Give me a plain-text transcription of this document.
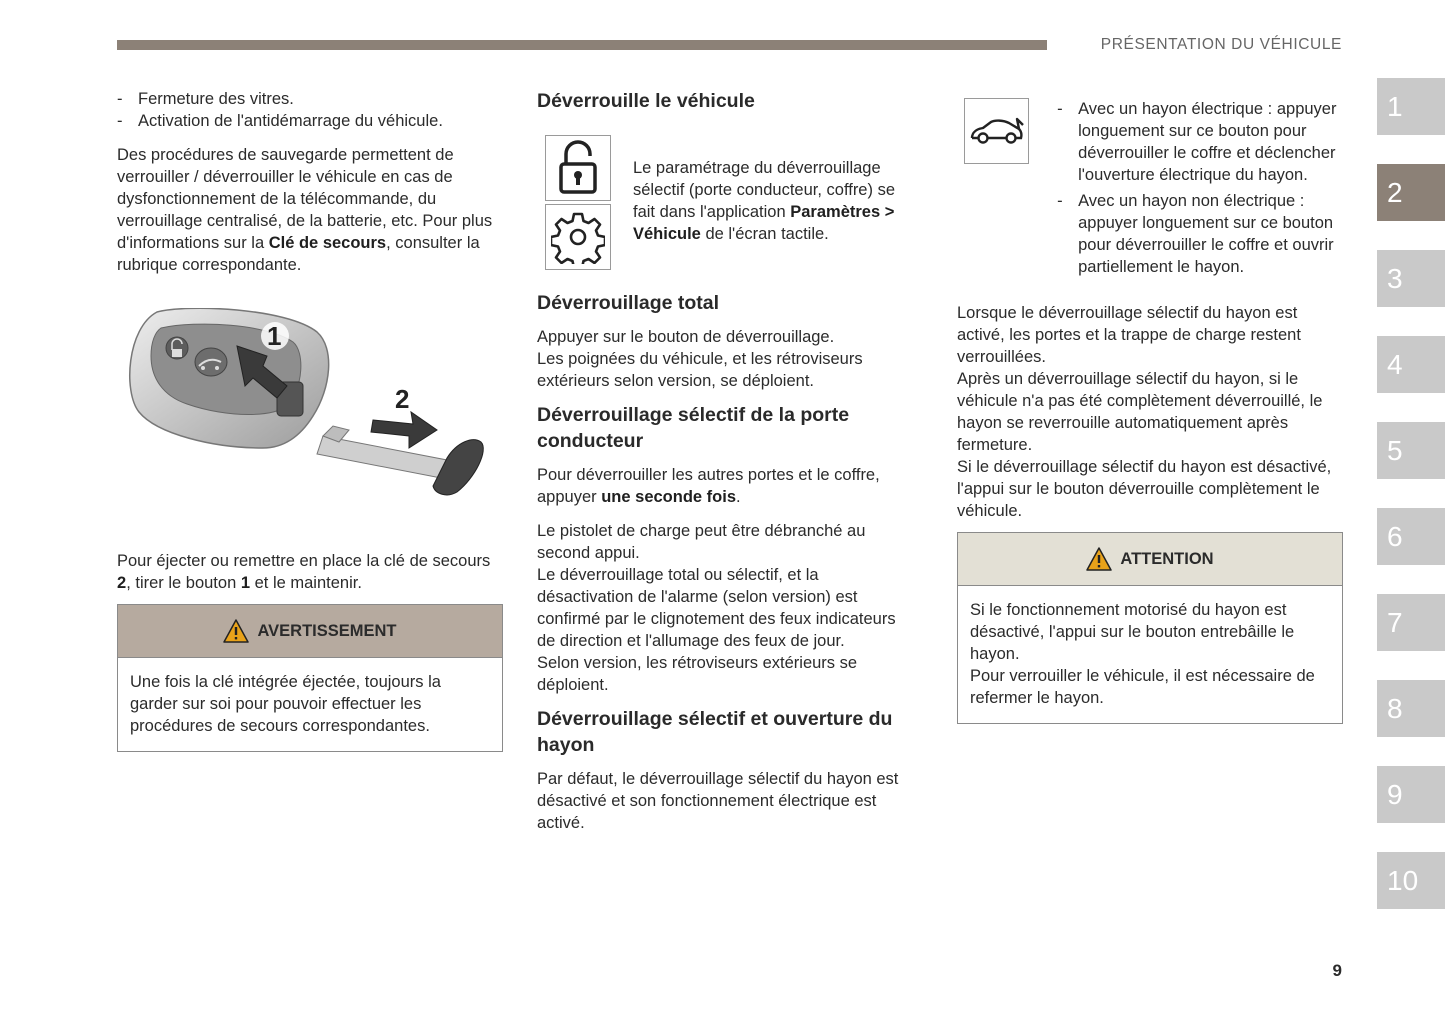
PRÉSENTATION DU VÉHICULE
- Fermeture des vitres.
- Activation de l'antidémarrage du véhicule.

Des procédures de sauvegarde permettent de verrouiller / déverrouiller le véhicule en cas de dysfonctionnement de la télécommande, du verrouillage centralisé, de la batterie, etc. Pour plus d'informations sur la Clé de secours, consulter la rubrique correspondante.

1
2

Pour éjecter ou remettre en place la clé de secours 2, tirer le bouton 1 et le maintenir.

AVERTISSEMENT
Une fois la clé intégrée éjectée, toujours la garder sur soi pour pouvoir effectuer les procédures de secours correspondantes.
Déverrouille le véhicule

Le paramétrage du déverrouillage sélectif (porte conducteur, coffre) se fait dans l'application Paramètres > Véhicule de l'écran tactile.

Déverrouillage total

Appuyer sur le bouton de déverrouillage.

Les poignées du véhicule, et les rétroviseurs extérieurs selon version, se déploient.

Déverrouillage sélectif de la porte conducteur

Pour déverrouiller les autres portes et le coffre, appuyer une seconde fois.

Le pistolet de charge peut être débranché au second appui.

Le déverrouillage total ou sélectif, et la désactivation de l'alarme (selon version) est confirmé par le clignotement des feux indicateurs de direction et l'allumage des feux de jour.

Selon version, les rétroviseurs extérieurs se déploient.

Déverrouillage sélectif et ouverture du hayon

Par défaut, le déverrouillage sélectif du hayon est désactivé et son fonctionnement électrique est activé.

- Avec un hayon électrique : appuyer longuement sur ce bouton pour déverrouiller le coffre et déclencher l'ouverture électrique du hayon.
- Avec un hayon non électrique : appuyer longuement sur ce bouton pour déverrouiller le coffre et ouvrir partiellement le hayon.

Lorsque le déverrouillage sélectif du hayon est activé, les portes et la trappe de charge restent verrouillées.

Après un déverrouillage sélectif du hayon, si le véhicule n'a pas été complètement déverrouillé, le hayon se reverrouille automatiquement après fermeture.

Si le déverrouillage sélectif du hayon est désactivé, l'appui sur le bouton déverrouille complètement le véhicule.

ATTENTION

Si le fonctionnement motorisé du hayon est désactivé, l'appui sur le bouton entrebâille le hayon.

Pour verrouiller le véhicule, il est nécessaire de refermer le hayon.

1
2
3
4
5
6
7
8
9
10
9
